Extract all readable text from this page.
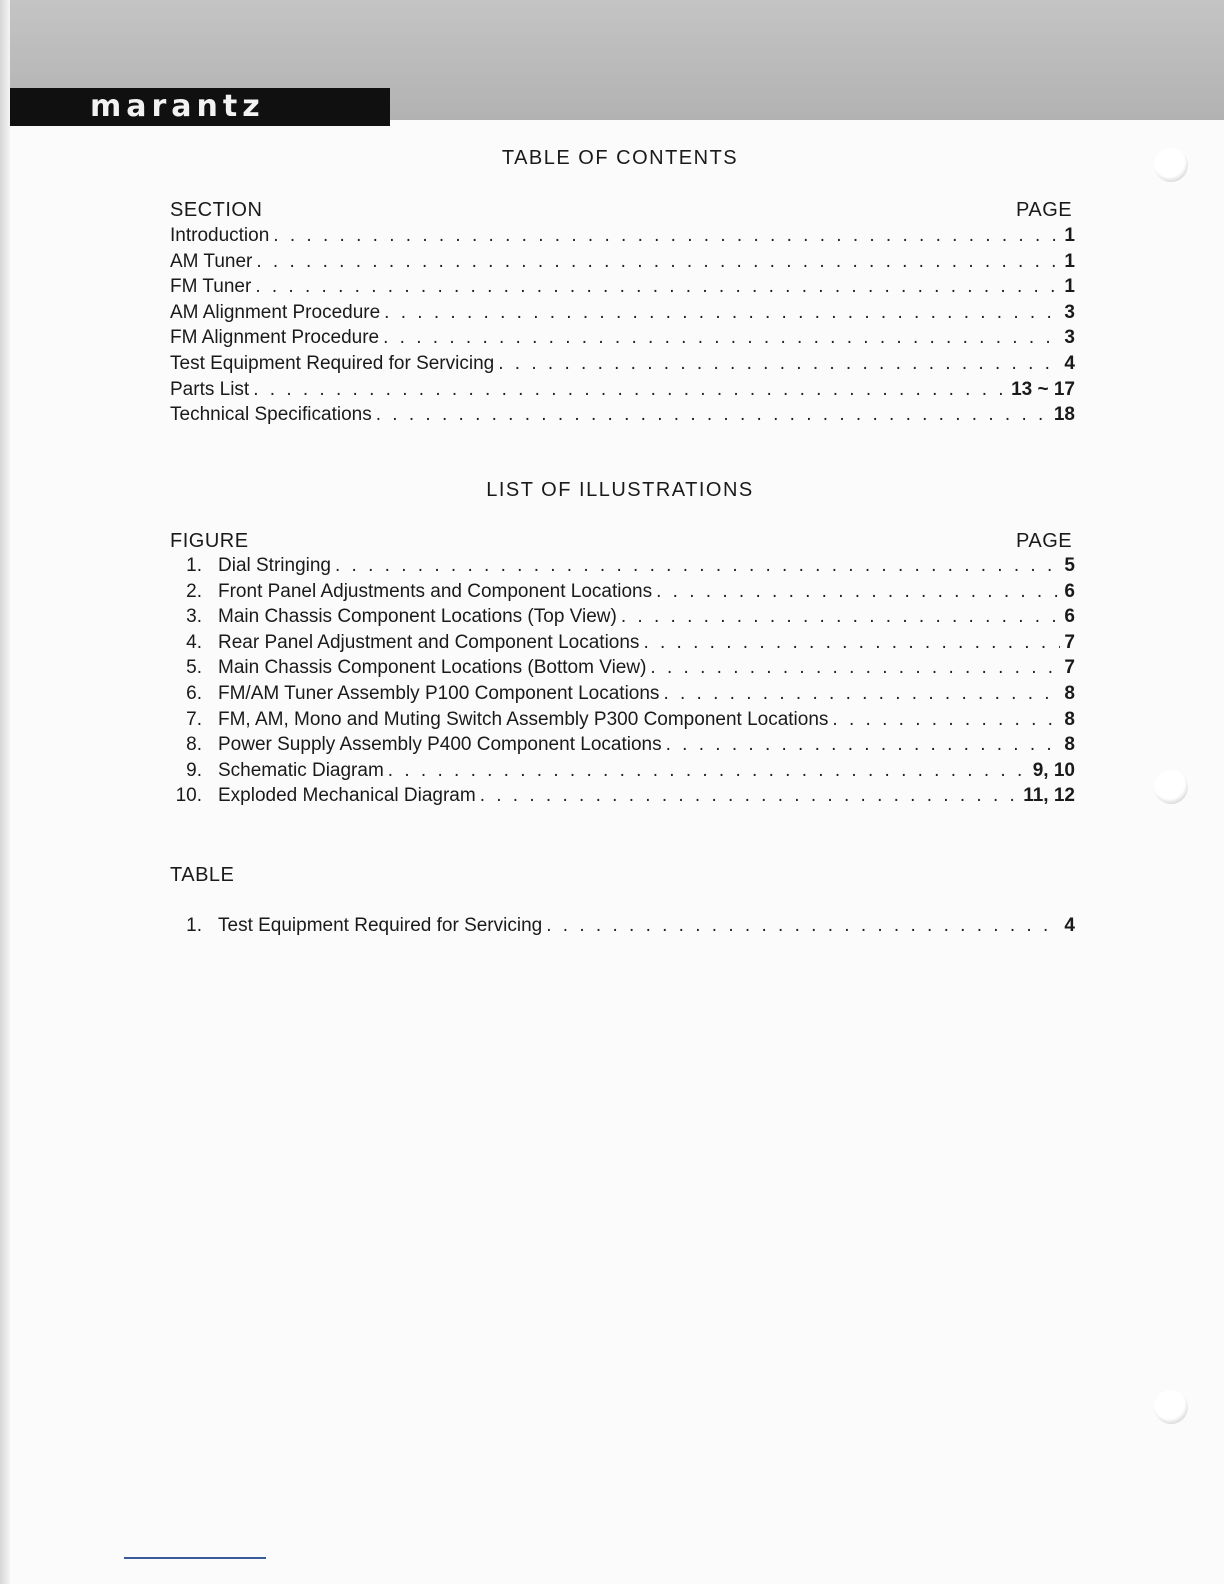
marantz
TABLE OF CONTENTS
SECTION	PAGE
Introduction . . .	1
AM Tuner . . .	1
FM Tuner . . .	1
AM Alignment Procedure . . .	3
FM Alignment Procedure . . .	3
Test Equipment Required for Servicing . . .	4
Parts List . . .	13 ~ 17
Technical Specifications . . .	18
LIST OF ILLUSTRATIONS
FIGURE	PAGE
1. Dial Stringing . . .	5
2. Front Panel Adjustments and Component Locations . . .	6
3. Main Chassis Component Locations (Top View) . . .	6
4. Rear Panel Adjustment and Component Locations . . .	7
5. Main Chassis Component Locations (Bottom View) . . .	7
6. FM/AM Tuner Assembly P100 Component Locations . . .	8
7. FM, AM, Mono and Muting Switch Assembly P300 Component Locations . . .	8
8. Power Supply Assembly P400 Component Locations . . .	8
9. Schematic Diagram . . .	9, 10
10. Exploded Mechanical Diagram . . .	11, 12
TABLE
1. Test Equipment Required for Servicing . . .	4
